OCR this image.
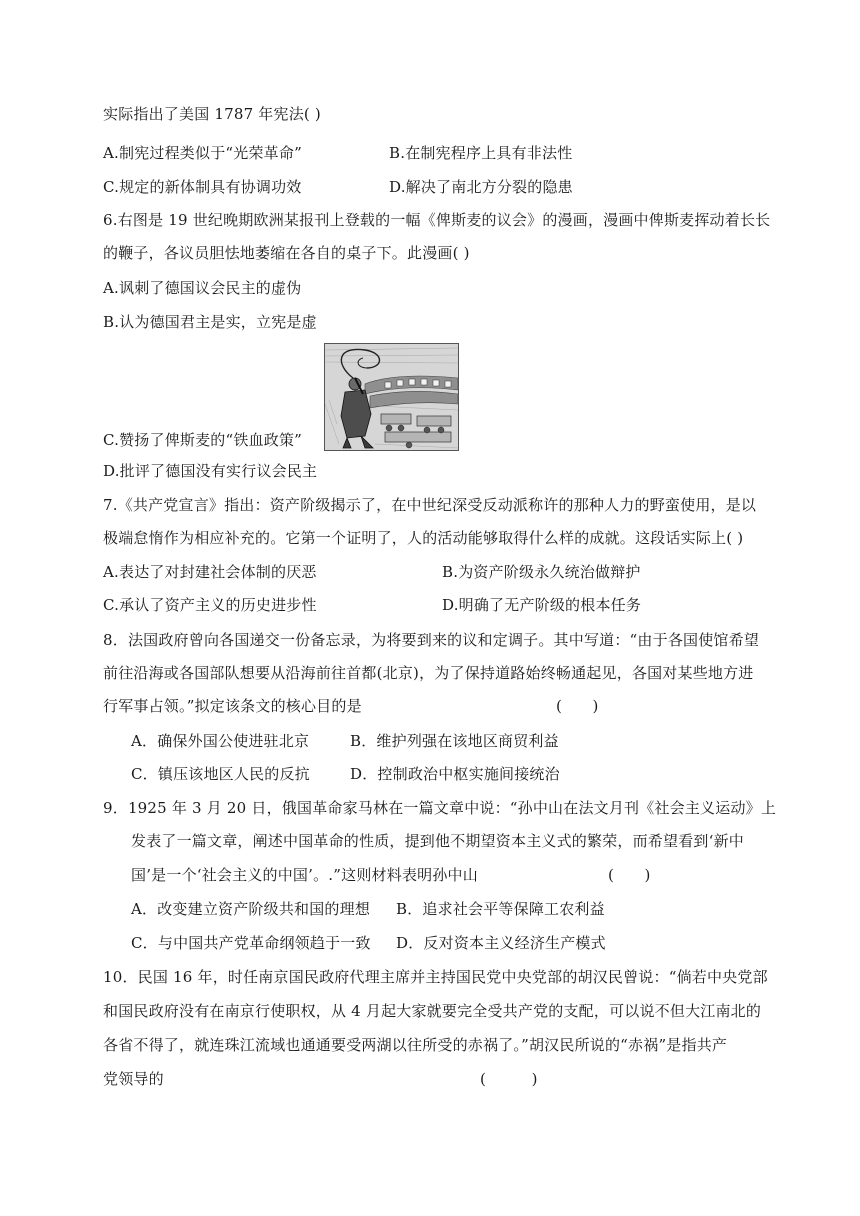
实际指出了美国 1787 年宪法( )
A.制宪过程类似于“光荣革命”	B.在制宪程序上具有非法性
C.规定的新体制具有协调功效	D.解决了南北方分裂的隐患
6.右图是 19 世纪晚期欧洲某报刊上登载的一幅《俾斯麦的议会》的漫画，漫画中俾斯麦挥动着长长
的鞭子，各议员胆怯地萎缩在各自的桌子下。此漫画( )
A.讽刺了德国议会民主的虚伪
B.认为德国君主是实，立宪是虚
C.赞扬了俾斯麦的“铁血政策”
D.批评了德国没有实行议会民主
7.《共产党宣言》指出：资产阶级揭示了，在中世纪深受反动派称许的那种人力的野蛮使用，是以
极端怠惰作为相应补充的。它第一个证明了，人的活动能够取得什么样的成就。这段话实际上( )
A.表达了对封建社会体制的厌恶	B.为资产阶级永久统治做辩护
C.承认了资产主义的历史进步性	D.明确了无产阶级的根本任务
8．法国政府曾向各国递交一份备忘录，为将要到来的议和定调子。其中写道：“由于各国使馆希望
前往沿海或各国部队想要从沿海前往首都(北京)，为了保持道路始终畅通起见，各国对某些地方进
行军事占领。”拟定该条文的核心目的是	(　　)
A．确保外国公使进驻北京	B．维护列强在该地区商贸利益
C．镇压该地区人民的反抗	D．控制政治中枢实施间接统治
9．1925 年 3 月 20 日，俄国革命家马林在一篇文章中说：“孙中山在法文月刊《社会主义运动》上
发表了一篇文章，阐述中国革命的性质，提到他不期望资本主义式的繁荣，而希望看到‘新中
国’是一个‘社会主义的中国’。.”这则材料表明孙中山	(　　)
A．改变建立资产阶级共和国的理想 B．追求社会平等保障工农利益
C．与中国共产党革命纲领趋于一致 D．反对资本主义经济生产模式
10．民国 16 年，时任南京国民政府代理主席并主持国民党中央党部的胡汉民曾说：“倘若中央党部
和国民政府没有在南京行使职权，从 4 月起大家就要完全受共产党的支配，可以说不但大江南北的
各省不得了，就连珠江流域也通通要受两湖以往所受的赤祸了。”胡汉民所说的“赤祸”是指共产
党领导的	(　　　)
